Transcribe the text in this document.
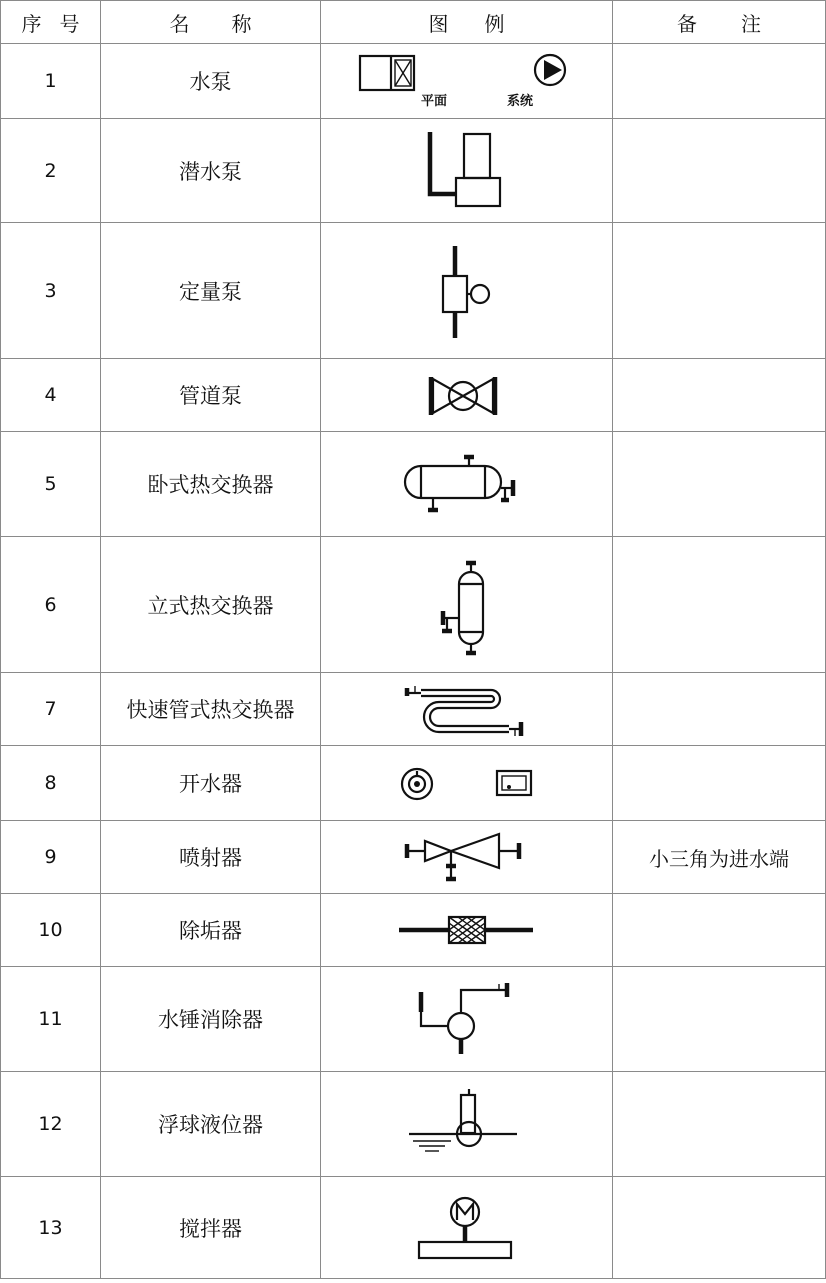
序 号	名 称	图 例	备 注

1	水泵	平面 系统	

2	潜水泵	

3	定量泵	

4	管道泵	

5	卧式热交换器	

6	立式热交换器	

7	快速管式热交换器	

8	开水器	

9	喷射器		小三角为进水端
10	除垢器	

11	水锤消除器	

12	浮球液位器	

13	搅拌器	
